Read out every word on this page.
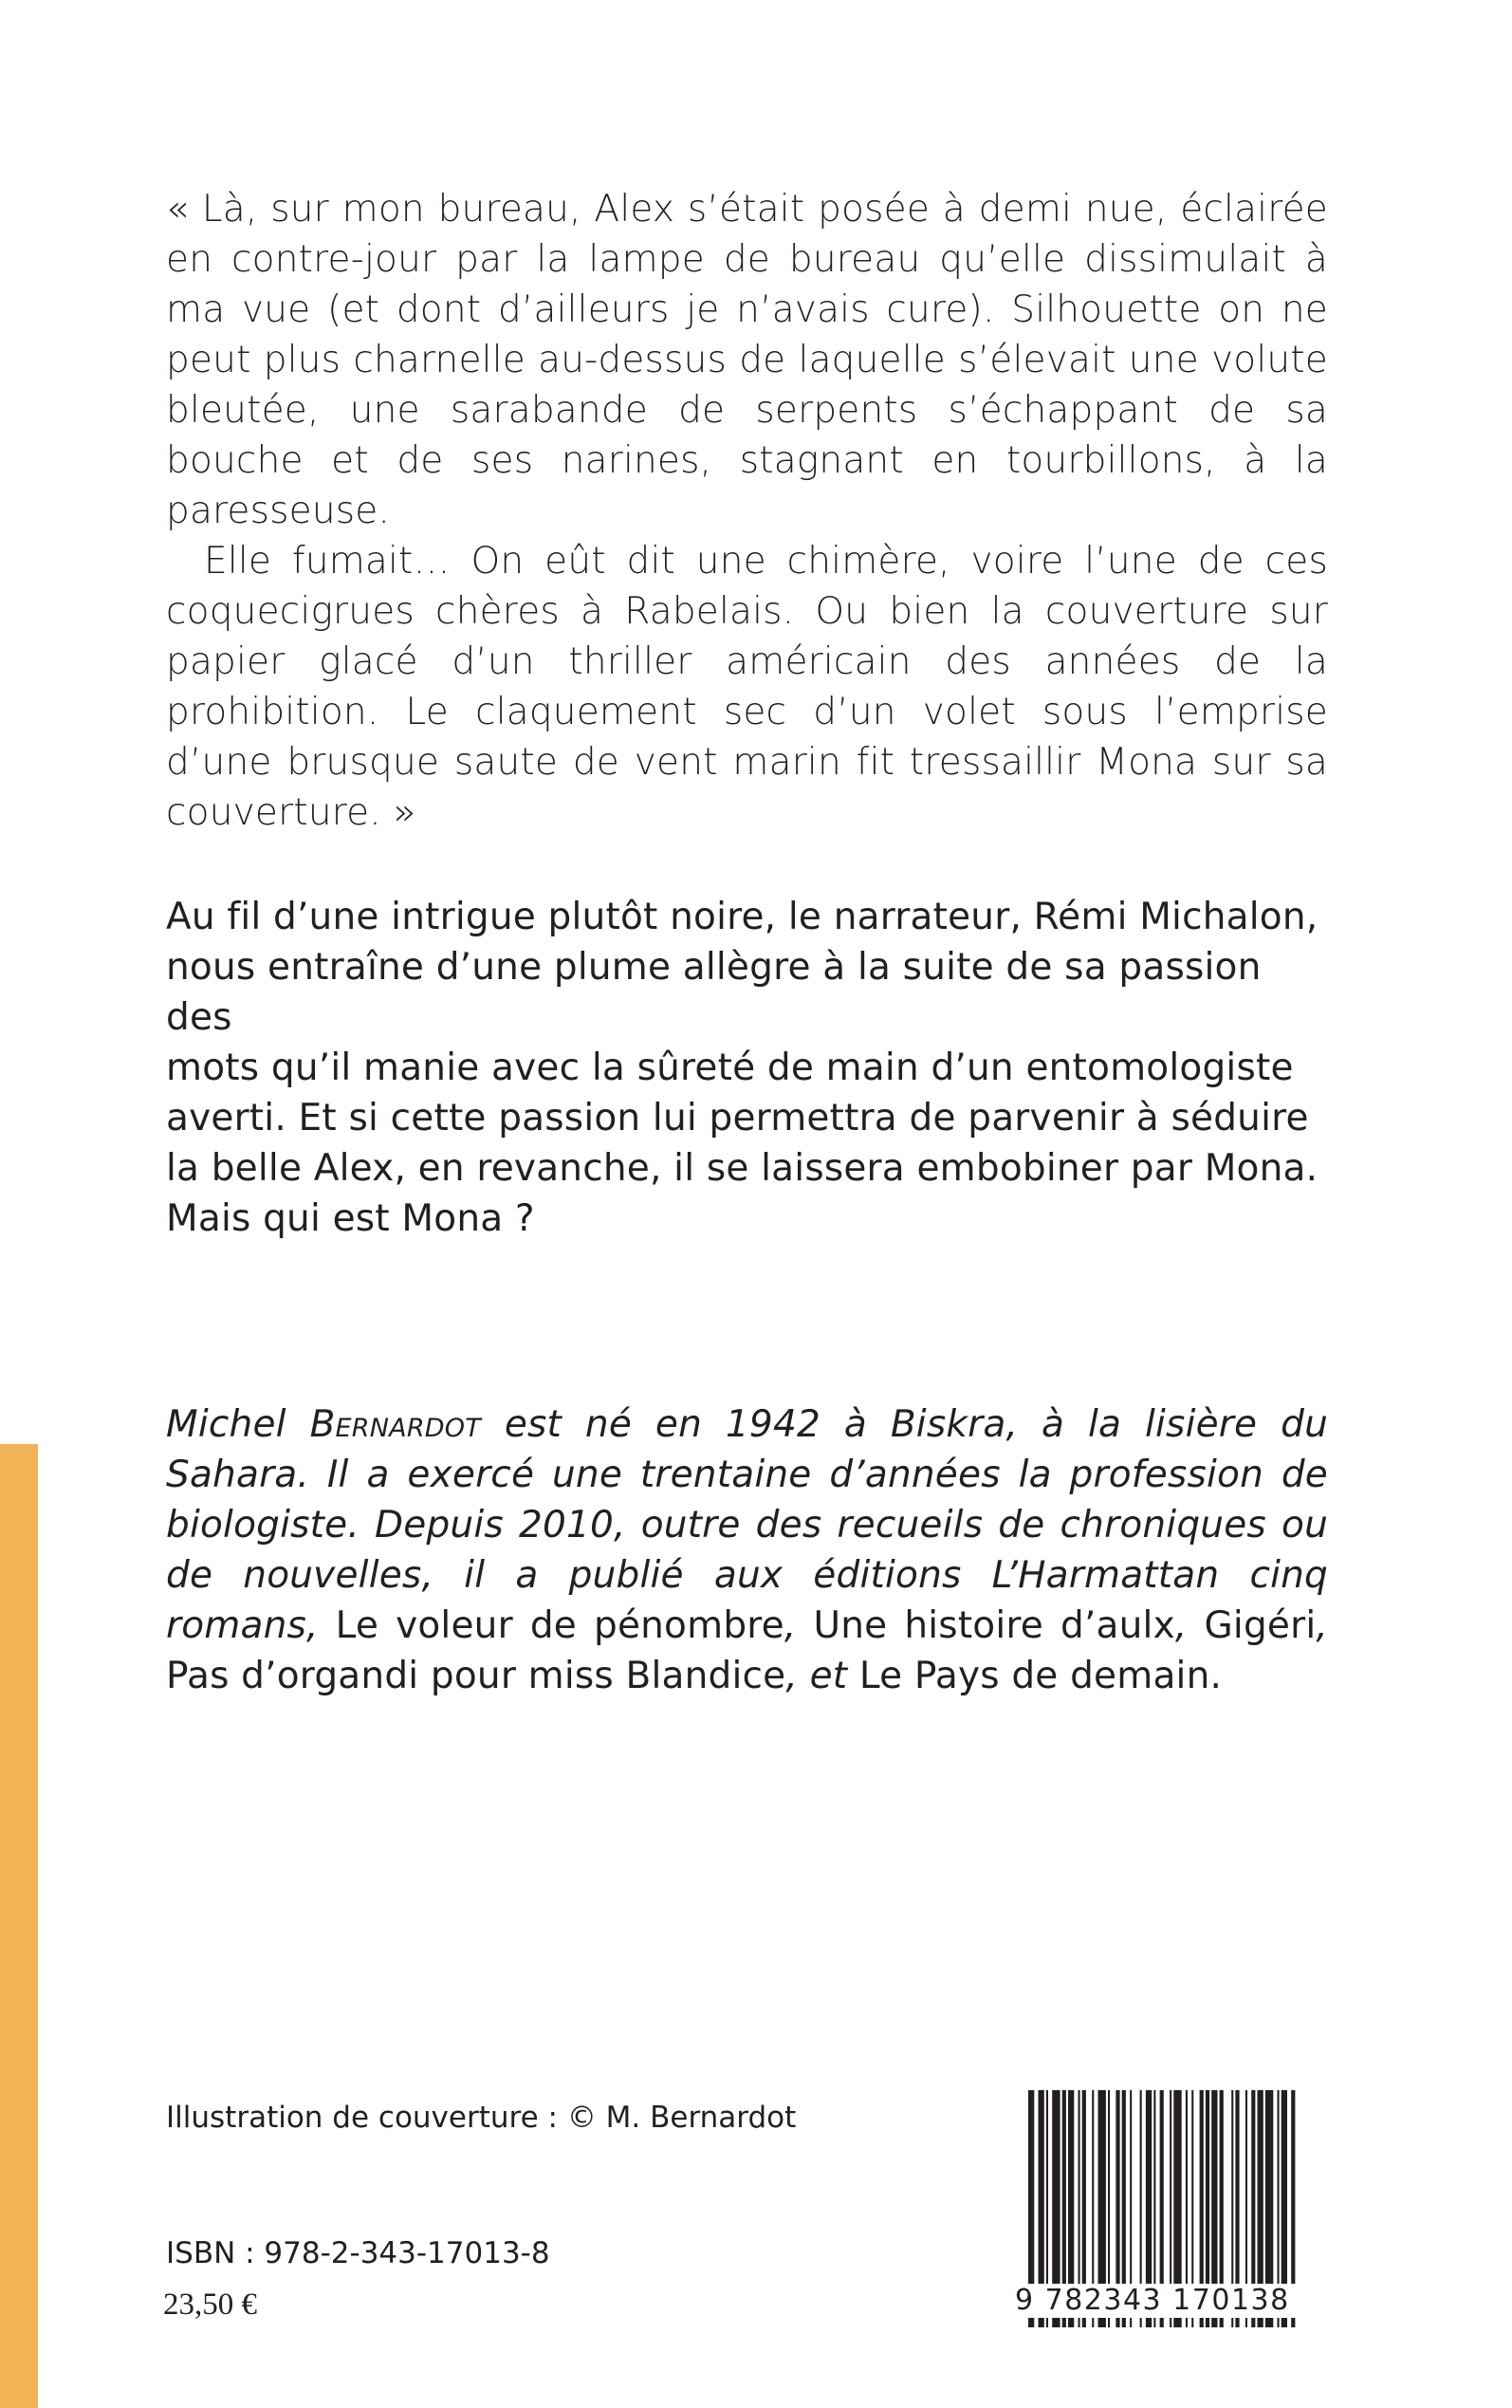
« Là, sur mon bureau, Alex s’était posée à demi nue, éclairée en contre-jour par la lampe de bureau qu’elle dissimulait à ma vue (et dont d’ailleurs je n’avais cure). Silhouette on ne peut plus charnelle au-dessus de laquelle s’élevait une volute bleutée, une sarabande de serpents s’échappant de sa bouche et de ses narines, stagnant en tourbillons, à la paresseuse.

Elle fumait… On eût dit une chimère, voire l’une de ces coquecigrues chères à Rabelais. Ou bien la couverture sur papier glacé d’un thriller américain des années de la prohibition. Le claquement sec d’un volet sous l’emprise d’une brusque saute de vent marin fit tressaillir Mona sur sa couverture. »

Au fil d’une intrigue plutôt noire, le narrateur, Rémi Michalon,

nous entraîne d’une plume allègre à la suite de sa passion des

mots qu’il manie avec la sûreté de main d’un entomologiste

averti. Et si cette passion lui permettra de parvenir à séduire

la belle Alex, en revanche, il se laissera embobiner par Mona.

Mais qui est Mona ?

Michel Bernardot est né en 1942 à Biskra, à la lisière du Sahara. Il a exercé une trentaine d’années la profession de biologiste. Depuis 2010, outre des recueils de chroniques ou de nouvelles, il a publié aux éditions L’Harmattan cinq romans, Le voleur de pénombre, Une histoire d’aulx, Gigéri, Pas d’organdi pour miss Blandice, et Le Pays de demain.

Illustration de couverture : © M. Bernardot
ISBN : 978-2-343-17013-8
23,50 €	9 782343 170138
